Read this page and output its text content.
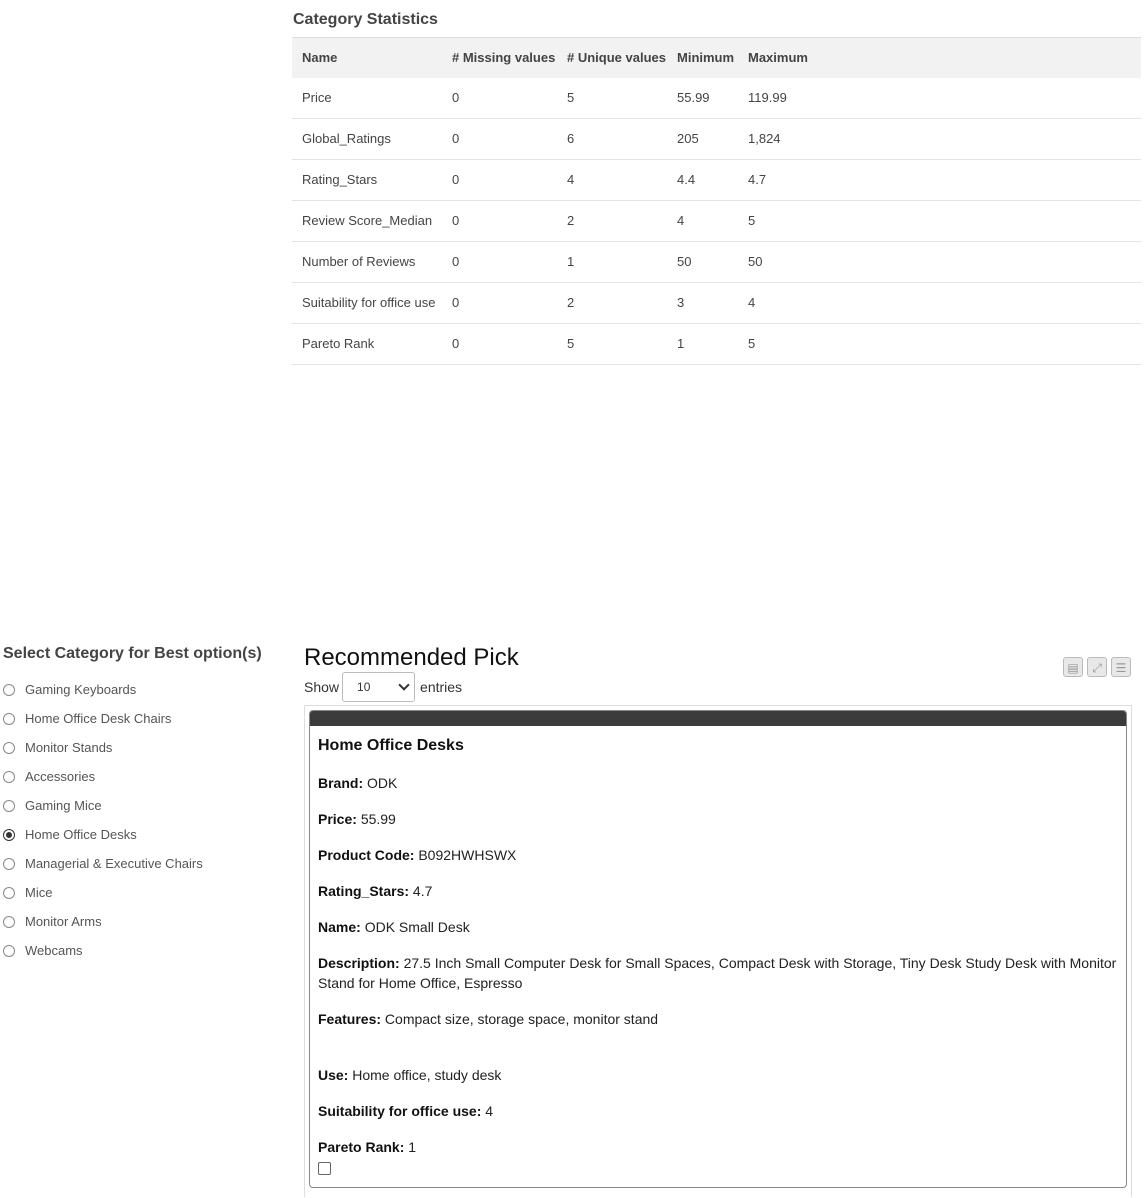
Category Statistics
Name	# Missing values	# Unique values	Minimum	Maximum
Price	0	5	55.99	119.99
Global_Ratings	0	6	205	1,824
Rating_Stars	0	4	4.4	4.7
Review Score_Median	0	2	4	5
Number of Reviews	0	1	50	50
Suitability for office use	0	2	3	4
Pareto Rank	0	5	1	5
Select Category for Best option(s)
Gaming Keyboards
Home Office Desk Chairs
Monitor Stands
Accessories
Gaming Mice
Home Office Desks
Managerial & Executive Chairs
Mice
Monitor Arms
Webcams
Recommended Pick	▤	⤢	☰
Show 10	entries
Home Office Desks
Brand: ODK
Price: 55.99
Product Code: B092HWHSWX
Rating_Stars: 4.7
Name: ODK Small Desk
Description: 27.5 Inch Small Computer Desk for Small Spaces, Compact Desk with Storage, Tiny Desk Study Desk with Monitor Stand for Home Office, Espresso
Features: Compact size, storage space, monitor stand
Use: Home office, study desk
Suitability for office use: 4
Pareto Rank: 1
